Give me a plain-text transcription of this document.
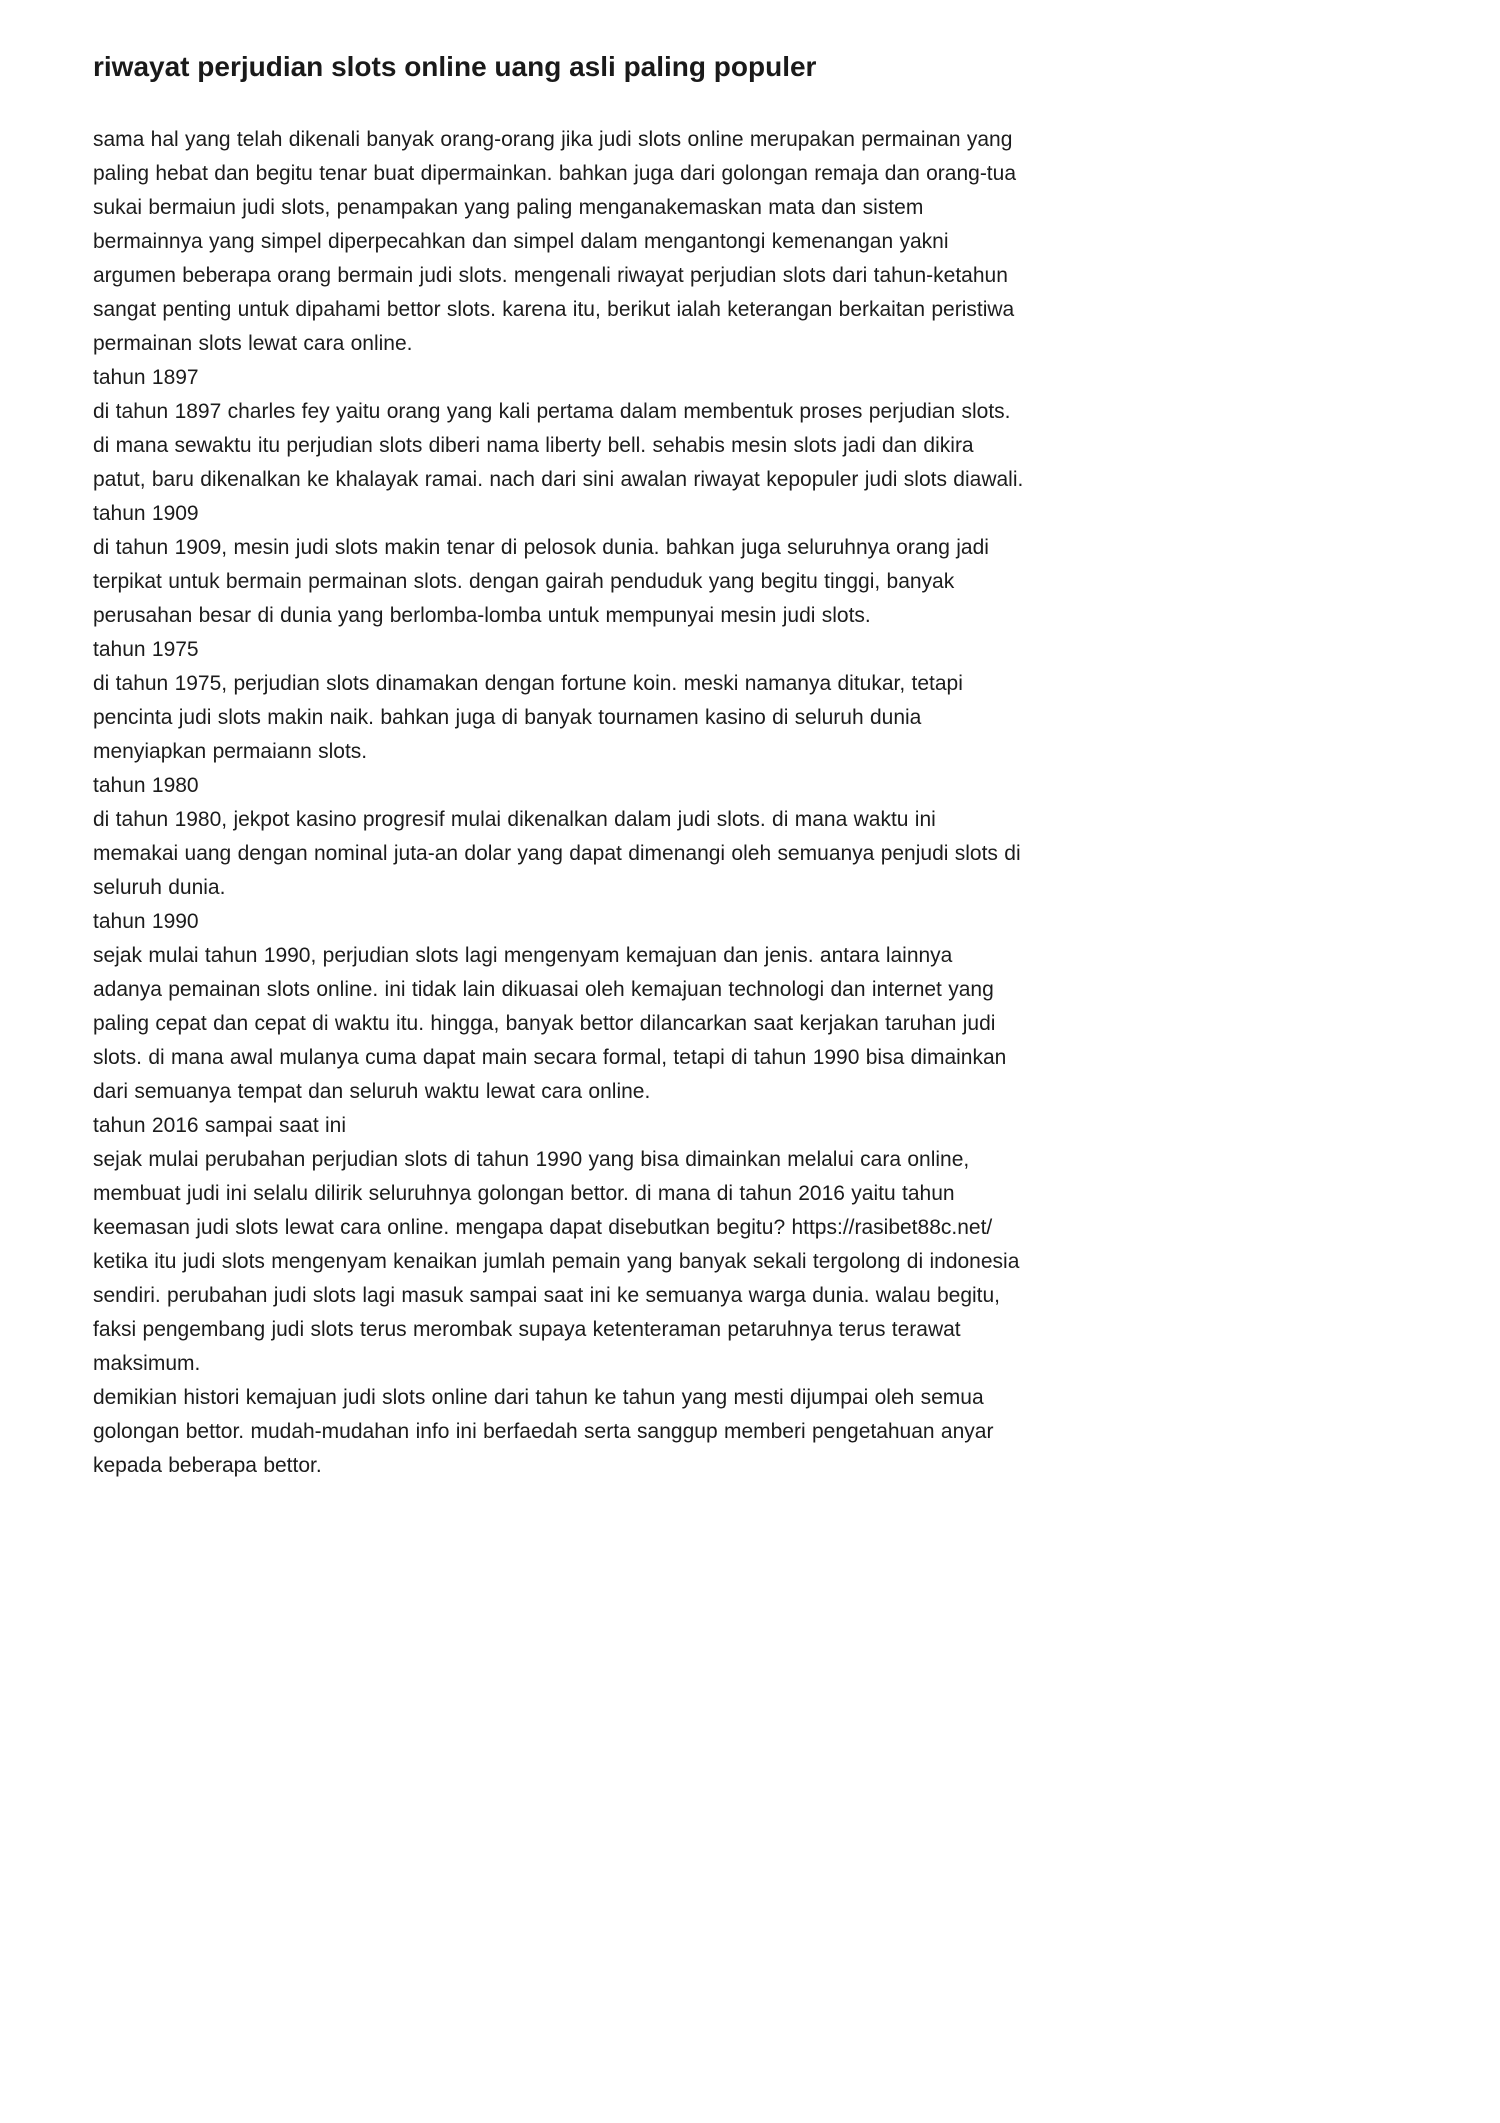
riwayat perjudian slots online uang asli paling populer

sama hal yang telah dikenali banyak orang-orang jika judi slots online merupakan permainan yang paling hebat dan begitu tenar buat dipermainkan. bahkan juga dari golongan remaja dan orang-tua sukai bermaiun judi slots, penampakan yang paling menganakemaskan mata dan sistem bermainnya yang simpel diperpecahkan dan simpel dalam mengantongi kemenangan yakni argumen beberapa orang bermain judi slots. mengenali riwayat perjudian slots dari tahun-ketahun sangat penting untuk dipahami bettor slots. karena itu, berikut ialah keterangan berkaitan peristiwa permainan slots lewat cara online.

tahun 1897

di tahun 1897 charles fey yaitu orang yang kali pertama dalam membentuk proses perjudian slots. di mana sewaktu itu perjudian slots diberi nama liberty bell. sehabis mesin slots jadi dan dikira patut, baru dikenalkan ke khalayak ramai. nach dari sini awalan riwayat kepopuler judi slots diawali.

tahun 1909

di tahun 1909, mesin judi slots makin tenar di pelosok dunia. bahkan juga seluruhnya orang jadi terpikat untuk bermain permainan slots. dengan gairah penduduk yang begitu tinggi, banyak perusahan besar di dunia yang berlomba-lomba untuk mempunyai mesin judi slots.

tahun 1975

di tahun 1975, perjudian slots dinamakan dengan fortune koin. meski namanya ditukar, tetapi pencinta judi slots makin naik. bahkan juga di banyak tournamen kasino di seluruh dunia menyiapkan permaiann slots.

tahun 1980

di tahun 1980, jekpot kasino progresif mulai dikenalkan dalam judi slots. di mana waktu ini memakai uang dengan nominal juta-an dolar yang dapat dimenangi oleh semuanya penjudi slots di seluruh dunia.

tahun 1990

sejak mulai tahun 1990, perjudian slots lagi mengenyam kemajuan dan jenis. antara lainnya adanya pemainan slots online. ini tidak lain dikuasai oleh kemajuan technologi dan internet yang paling cepat dan cepat di waktu itu. hingga, banyak bettor dilancarkan saat kerjakan taruhan judi slots. di mana awal mulanya cuma dapat main secara formal, tetapi di tahun 1990 bisa dimainkan dari semuanya tempat dan seluruh waktu lewat cara online.

tahun 2016 sampai saat ini

sejak mulai perubahan perjudian slots di tahun 1990 yang bisa dimainkan melalui cara online, membuat judi ini selalu dilirik seluruhnya golongan bettor. di mana di tahun 2016 yaitu tahun keemasan judi slots lewat cara online. mengapa dapat disebutkan begitu? https://rasibet88c.net/ ketika itu judi slots mengenyam kenaikan jumlah pemain yang banyak sekali tergolong di indonesia sendiri. perubahan judi slots lagi masuk sampai saat ini ke semuanya warga dunia. walau begitu, faksi pengembang judi slots terus merombak supaya ketenteraman petaruhnya terus terawat maksimum.

demikian histori kemajuan judi slots online dari tahun ke tahun yang mesti dijumpai oleh semua golongan bettor. mudah-mudahan info ini berfaedah serta sanggup memberi pengetahuan anyar kepada beberapa bettor.
